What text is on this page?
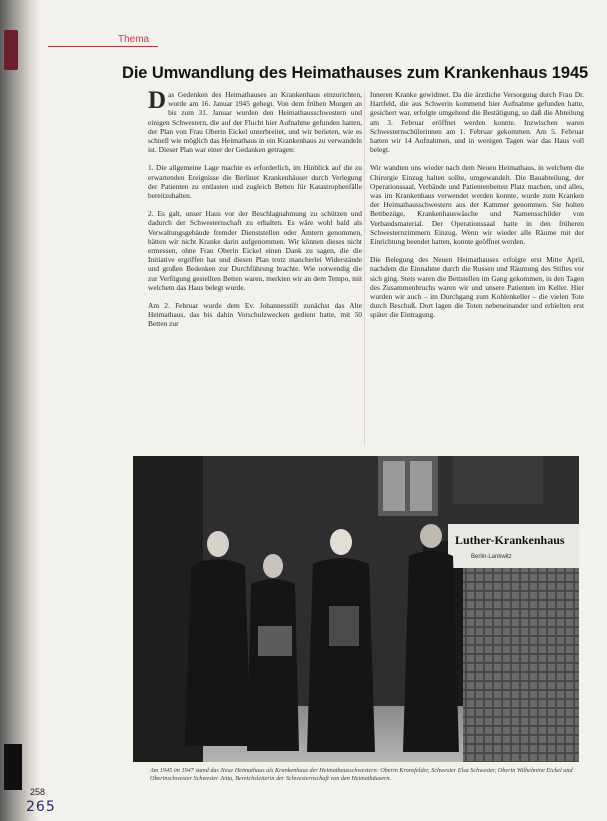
Thema
Die Umwandlung des Heimathauses zum Krankenhaus 1945

Das Gedenken des Heimathauses an Krankenhaus einzurichten, wurde am 16. Januar 1945 gehegt. Von dem frühen Morgen an bis zum 31. Januar wurden den Heimathausschwestern und einigen Schwestern, die auf der Flucht hier Aufnahme gefunden hatten, der Plan von Frau Oberin Eickel unterbreitet, und wir berieten, wie es schnell wie möglich das Heimathaus in ein Krankenhaus zu verwandeln ist. Dieser Plan war einer der Gedanken getragen:

1. Die allgemeine Lage machte es erforderlich, im Hinblick auf die zu erwartenden Ereignisse die Berliner Krankenhäuser durch Verlegung der Patienten zu entlasten und zugleich Betten für Katastrophenfälle bereitzuhalten.

2. Es galt, unser Haus vor der Beschlagnahmung zu schützen und dadurch der Schwesternschaft zu erhalten. Es wäre wohl bald als Verwaltungsgebäude fremder Dienststellen oder Ämtern genommen, hätten wir nicht Kranke darin aufgenommen. Wir können dieses nicht ermessen, ohne Frau Oberin Eickel einen Dank zu sagen, die die Initiative ergriffen hat und diesen Plan trotz mancherlei Widerstände und großen Bedenken zur Durchführung brachte. Wie notwendig die zur Verfügung gestellten Betten waren, merkten wir an dem Tempo, mit welchem das Haus belegt wurde.

Am 2. Februar wurde dem Ev. Johannesstift zunächst das Alte Heimathaus, das bis dahin Vorschulzwecken gedient hatte, mit 50 Betten zur

Inneren Kranke gewidmet. Da die ärztliche Versorgung durch Frau Dr. Hartfeld, die aus Schwerin kommend hier Aufnahme gefunden hatte, gesichert war, erfolgte umgehend die Bestätigung, so daß die Abteilung am 3. Februar eröffnet werden konnte. Inzwischen waren Schwesternschülerinnen am 1. Februar gekommen. Am 5. Februar hatten wir 14 Aufnahmen, und in wenigen Tagen war das Haus voll belegt.

Wir wandten uns wieder nach dem Neuen Heimathaus, in welchem die Chirurgie Einzug halten sollte, umgewandelt. Die Bauabteilung, der Operationssaal, Verbände und Patientenbetten Platz machen, und alles, was im Krankenhaus verwendet werden konnte, wurde zum Kranken der Heimathausschwestern aus der Kammer genommen. Sie holten Bettbezüge, Krankenhauswäsche und Namensschilder von Verbandsmaterial. Der Operationssaal hatte in den früheren Schwesternzimmern Einzug. Wenn wir wieder alle Räume mit der Einrichtung beendet hatten, konnte geöffnet werden.

Die Belegung des Neuen Heimathauses erfolgte erst Mitte April, nachdem die Einnahme durch die Russen und Räumung des Stiftes vor sich ging. Stets waren die Bettstellen im Gang gekommen, in den Tagen des Zusammenbruchs waren wir und unsere Patienten im Keller. Hier wurden wir auch – im Durchgang zum Kohlenkeller – die vielen Tote durch Beschuß. Dort lagen die Toten nebeneinander und erhielten erst später die Eintragung.

Luther-Krankenhaus
Berlin-Lankwitz
Am 1945 im 1947 stand das Neue Heimathaus als Krankenhaus der Heimathausschwestern: Oberin Kronsfelder, Schwester Elsa Schwester, Oberin Wilhelmine Eickel und Oberinschwester Schwester Jetta, Bereichsleiterin der Schwesternschaft von den Heimathäusern.
258
265
